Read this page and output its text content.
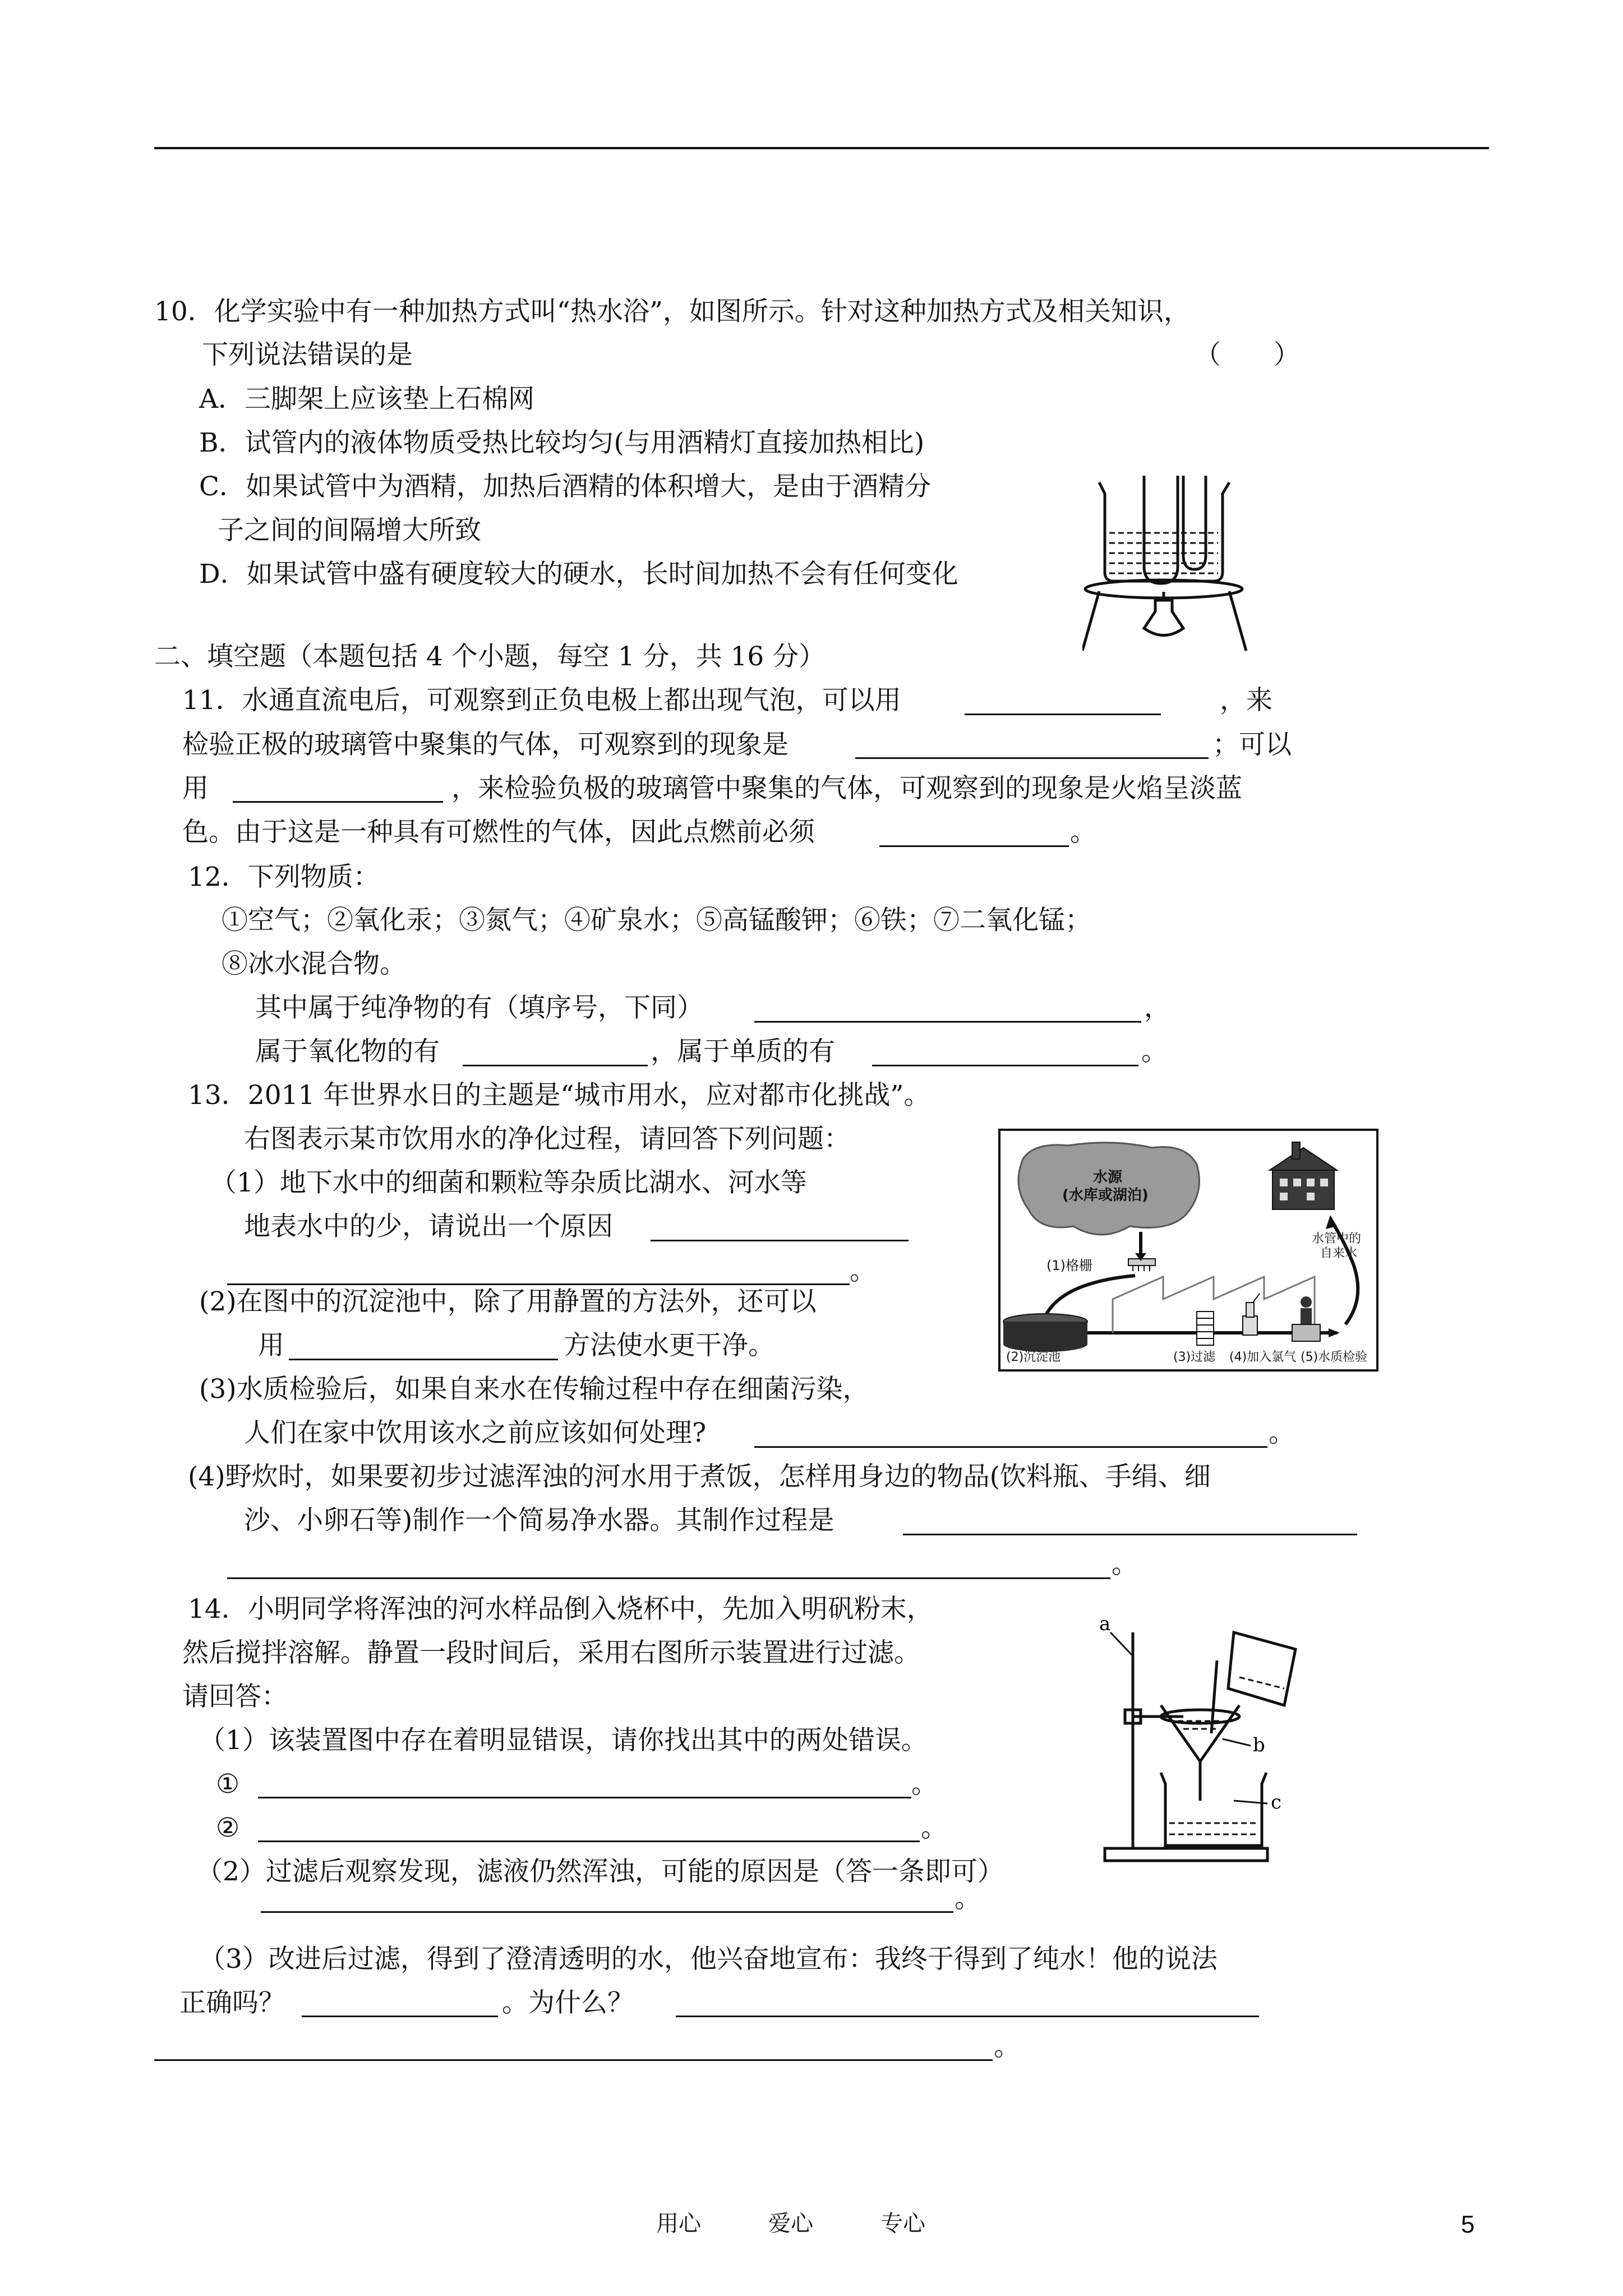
10．化学实验中有一种加热方式叫“热水浴”，如图所示。针对这种加热方式及相关知识，
下列说法错误的是	（　　）
A．三脚架上应该垫上石棉网
B．试管内的液体物质受热比较均匀(与用酒精灯直接加热相比)
C．如果试管中为酒精，加热后酒精的体积增大，是由于酒精分
子之间的间隔增大所致
D．如果试管中盛有硬度较大的硬水，长时间加热不会有任何变化
二、填空题（本题包括 4 个小题，每空 1 分，共 16 分）
11．水通直流电后，可观察到正负电极上都出现气泡，可以用	，来
检验正极的玻璃管中聚集的气体，可观察到的现象是	；可以
用	，来检验负极的玻璃管中聚集的气体，可观察到的现象是火焰呈淡蓝
色。由于这是一种具有可燃性的气体，因此点燃前必须	。
12．下列物质：
①空气；②氧化汞；③氮气；④矿泉水；⑤高锰酸钾；⑥铁；⑦二氧化锰；
⑧冰水混合物。
其中属于纯净物的有（填序号，下同）	，
属于氧化物的有	，属于单质的有	。
13．2011 年世界水日的主题是“城市用水，应对都市化挑战”。
右图表示某市饮用水的净化过程，请回答下列问题：
（1）地下水中的细菌和颗粒等杂质比湖水、河水等
地表水中的少，请说出一个原因
。
(2)在图中的沉淀池中，除了用静置的方法外，还可以
用	方法使水更干净。
(3)水质检验后，如果自来水在传输过程中存在细菌污染，
人们在家中饮用该水之前应该如何处理?	。
(4)野炊时，如果要初步过滤浑浊的河水用于煮饭，怎样用身边的物品(饮料瓶、手绢、细
沙、小卵石等)制作一个简易净水器。其制作过程是
。
水源
(水库或湖泊)
(1)格栅
水管中的
自来水
(2)沉淀池	(3)过滤 (4)加入氯气 (5)水质检验
14．小明同学将浑浊的河水样品倒入烧杯中，先加入明矾粉末，
然后搅拌溶解。静置一段时间后，采用右图所示装置进行过滤。
请回答：
（1）该装置图中存在着明显错误，请你找出其中的两处错误。
①	。
②	。
（2）过滤后观察发现，滤液仍然浑浊，可能的原因是（答一条即可）
。
（3）改进后过滤，得到了澄清透明的水，他兴奋地宣布：我终于得到了纯水！他的说法
正确吗？	。为什么？
。
a
b
c
用心	爱心	专心	5
